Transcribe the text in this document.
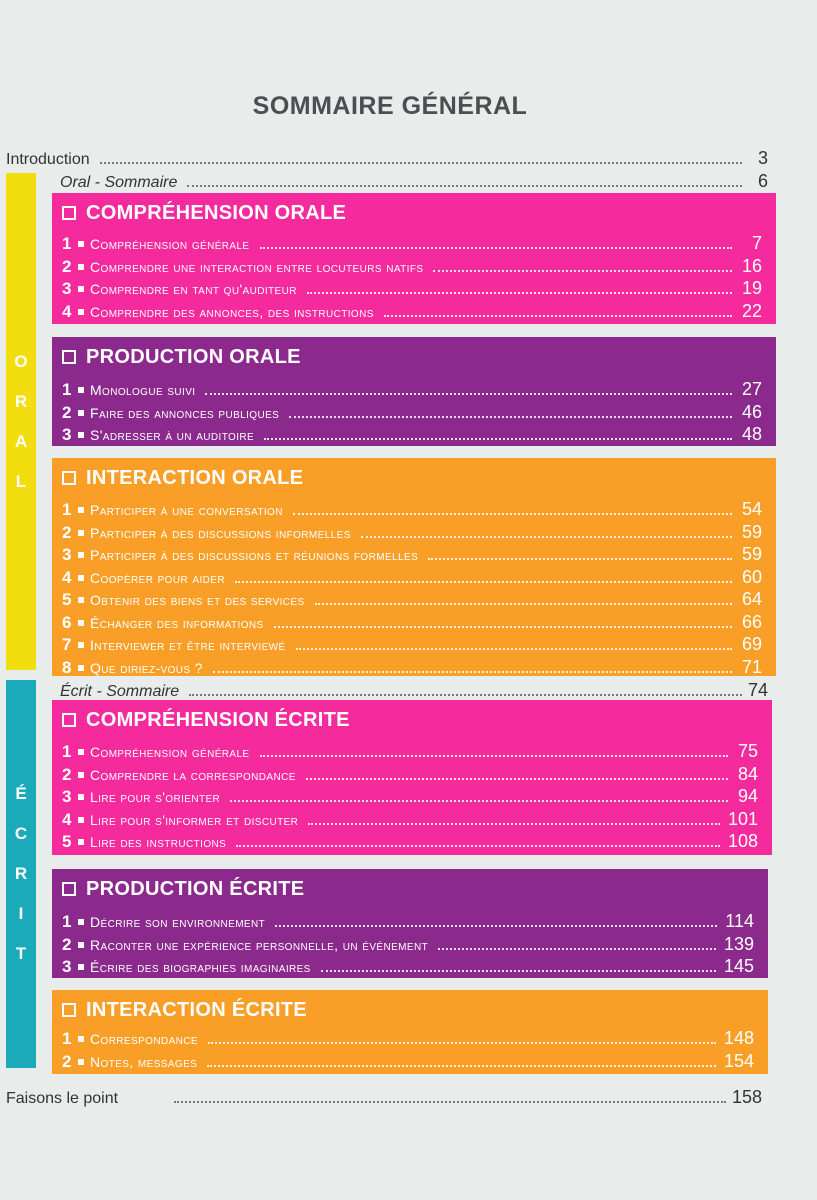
SOMMAIRE GÉNÉRAL
Introduction	3
Oral - Sommaire	6
O
R
A
L
COMPRÉHENSION ORALE
1	Compréhension générale	7
2	Comprendre une interaction entre locuteurs natifs	16
3	Comprendre en tant qu'auditeur	19
4	Comprendre des annonces, des instructions	22
PRODUCTION ORALE
1	Monologue suivi	27
2	Faire des annonces publiques	46
3	S'adresser à un auditoire	48
INTERACTION ORALE
1	Participer à une conversation	54
2	Participer à des discussions informelles	59
3	Participer à des discussions et réunions formelles	59
4	Coopérer pour aider	60
5	Obtenir des biens et des services	64
6	Échanger des informations	66
7	Interviewer et être interviewé	69
8	Que diriez-vous ?	71
Écrit - Sommaire	74
É
C
R
I
T
COMPRÉHENSION ÉCRITE
1	Compréhension générale	75
2	Comprendre la correspondance	84
3	Lire pour s'orienter	94
4	Lire pour s'informer et discuter	101
5	Lire des instructions	108
PRODUCTION ÉCRITE
1	Décrire son environnement	114
2	Raconter une expérience personnelle, un événement	139
3	Écrire des biographies imaginaires	145
INTERACTION ÉCRITE
1	Correspondance	148
2	Notes, messages	154
Faisons le point	158
